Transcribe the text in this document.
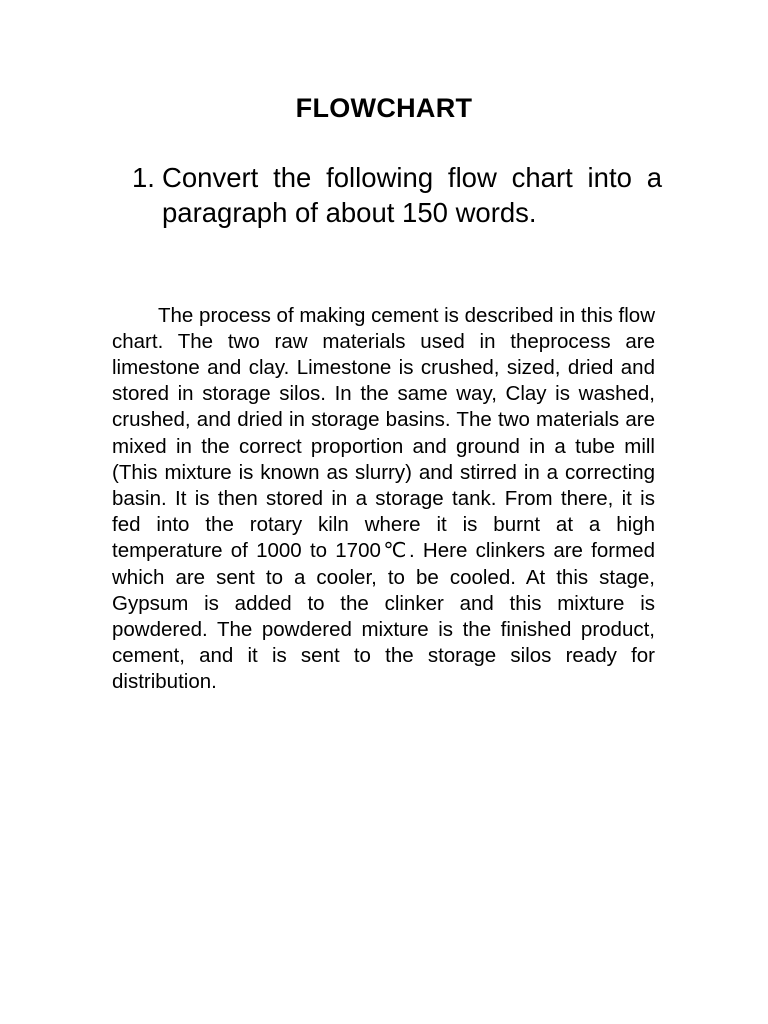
FLOWCHART
1. Convert the following flow chart into a paragraph of about 150 words.

The process of making cement is described in this flow chart. The two raw materials used in theprocess are limestone and clay. Limestone is crushed, sized, dried and stored in storage silos. In the same way, Clay is washed, crushed, and dried in storage basins. The two materials are mixed in the correct proportion and ground in a tube mill (This mixture is known as slurry) and stirred in a correcting basin. It is then stored in a storage tank. From there, it is fed into the rotary kiln where it is burnt at a high temperature of 1000 to 1700℃. Here clinkers are formed which are sent to a cooler, to be cooled. At this stage, Gypsum is added to the clinker and this mixture is powdered. The powdered mixture is the finished product, cement, and it is sent to the storage silos ready for distribution.
